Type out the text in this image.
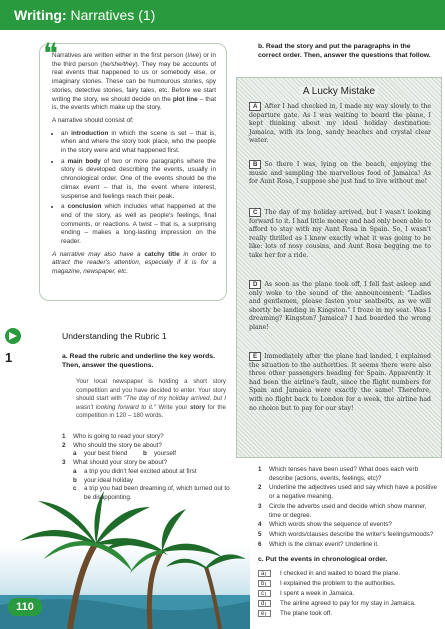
Writing: Narratives (1)
❝

Narratives are written either in the first person (I/we) or in the third person (he/she/they). They may be accounts of real events that happened to us or somebody else, or imaginary stories. These can be humourous stories, spy stories, detective stories, fairy tales, etc. Before we start writing the story, we should decide on the plot line – that is, the events which make up the story.

A narrative should consist of:

• an introduction in which the scene is set – that is, when and where the story took place, who the people in the story were and what happened first.
• a main body of two or more paragraphs where the story is developed describing the events, usually in chronological order. One of the events should be the climax event – that is, the event where interest, suspense and feelings reach their peak.
• a conclusion which includes what happened at the end of the story, as well as people's feelings, final comments, or reactions. A twist – that is, a surprising ending – makes a long-lasting impression on the reader.

A narrative may also have a catchy title in order to attract the reader's attention, especially if it is for a magazine, newspaper, etc.

Understanding the Rubric 1
1	a. Read the rubric and underline the key words. Then, answer the questions.
Your local newspaper is holding a short story competition and you have decided to enter. Your story should start with "The day of my holiday arrived, but I wasn't looking forward to it." Write your story for the competition in 120 – 180 words.
1 Who is going to read your story?
2 Who should the story be about?
a your best friend	b yourself
3 What should your story be about?
a a trip you didn't feel excited about at first
b your ideal holiday
c a trip you had been dreaming of, which turned out to be disappointing.
110
b. Read the story and put the paragraphs in the correct order. Then, answer the questions that follow.
A Lucky Mistake
A After I had checked in, I made my way slowly to the departure gate. As I was waiting to board the plane, I kept thinking about my ideal holiday destination: Jamaica, with its long, sandy beaches and crystal clear water.
B So there I was, lying on the beach, enjoying the music and sampling the marvellous food of Jamaica! As for Aunt Rosa, I suppose she just had to live without me!
C The day of my holiday arrived, but I wasn't looking forward to it. I had little money and had only been able to afford to stay with my Aunt Rosa in Spain. So, I wasn't really thrilled as I knew exactly what it was going to be like: lots of nosy cousins, and Aunt Rosa begging me to take her for a ride.
D As soon as the plane took off, I fell fast asleep and only woke to the sound of the announcement: "Ladies and gentlemen, please fasten your seatbelts, as we will shortly be landing in Kingston." I froze in my seat. Was I dreaming? Kingston? Jamaica? I had boarded the wrong plane!
E Immediately after the plane had landed, I explained the situation to the authorities. It seems there were also three other passengers heading for Spain. Apparently it had been the airline's fault, since the flight numbers for Spain and Jamaica were exactly the same! Therefore, with no flight back to London for a week, the airline had no choice but to pay for our stay!
1 Which tenses have been used? What does each verb describe (actions, events, feelings, etc)?
2 Underline the adjectives used and say which have a positive or a negative meaning.
3 Circle the adverbs used and decide which show manner, time or degree.
4 Which words show the sequence of events?
5 Which words/clauses describe the writer's feelings/moods?
6 Which is the climax event? Underline it.
c. Put the events in chronological order.
a	I checked in and waited to board the plane.
b	I explained the problem to the authorities.
c	I spent a week in Jamaica.
d	The airline agreed to pay for my stay in Jamaica.
e	The plane took off.
